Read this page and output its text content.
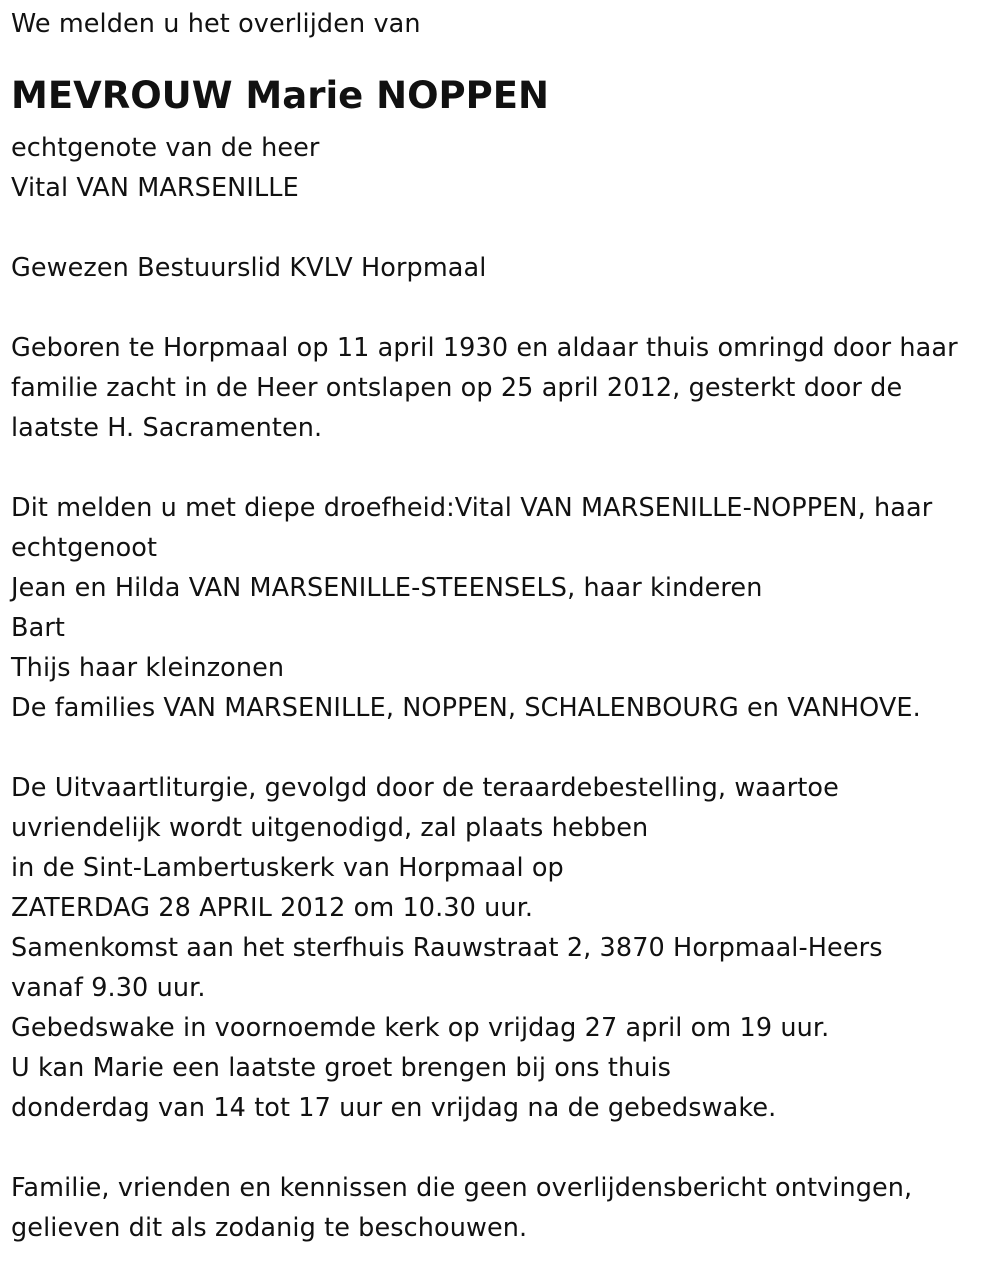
We melden u het overlijden van
MEVROUW Marie NOPPEN
echtgenote van de heer
Vital VAN MARSENILLE
Gewezen Bestuurslid KVLV Horpmaal
Geboren te Horpmaal op 11 april 1930 en aldaar thuis omringd door haar
familie zacht in de Heer ontslapen op 25 april 2012, gesterkt door de
laatste H. Sacramenten.
Dit melden u met diepe droefheid:Vital VAN MARSENILLE-NOPPEN, haar
echtgenoot
Jean en Hilda VAN MARSENILLE-STEENSELS, haar kinderen
Bart
Thijs haar kleinzonen
De families VAN MARSENILLE, NOPPEN, SCHALENBOURG en VANHOVE.
De Uitvaartliturgie, gevolgd door de teraardebestelling, waartoe
uvriendelijk wordt uitgenodigd, zal plaats hebben
in de Sint-Lambertuskerk van Horpmaal op
ZATERDAG 28 APRIL 2012 om 10.30 uur.
Samenkomst aan het sterfhuis Rauwstraat 2, 3870 Horpmaal-Heers
vanaf 9.30 uur.
Gebedswake in voornoemde kerk op vrijdag 27 april om 19 uur.
U kan Marie een laatste groet brengen bij ons thuis
donderdag van 14 tot 17 uur en vrijdag na de gebedswake.
Familie, vrienden en kennissen die geen overlijdensbericht ontvingen,
gelieven dit als zodanig te beschouwen.
